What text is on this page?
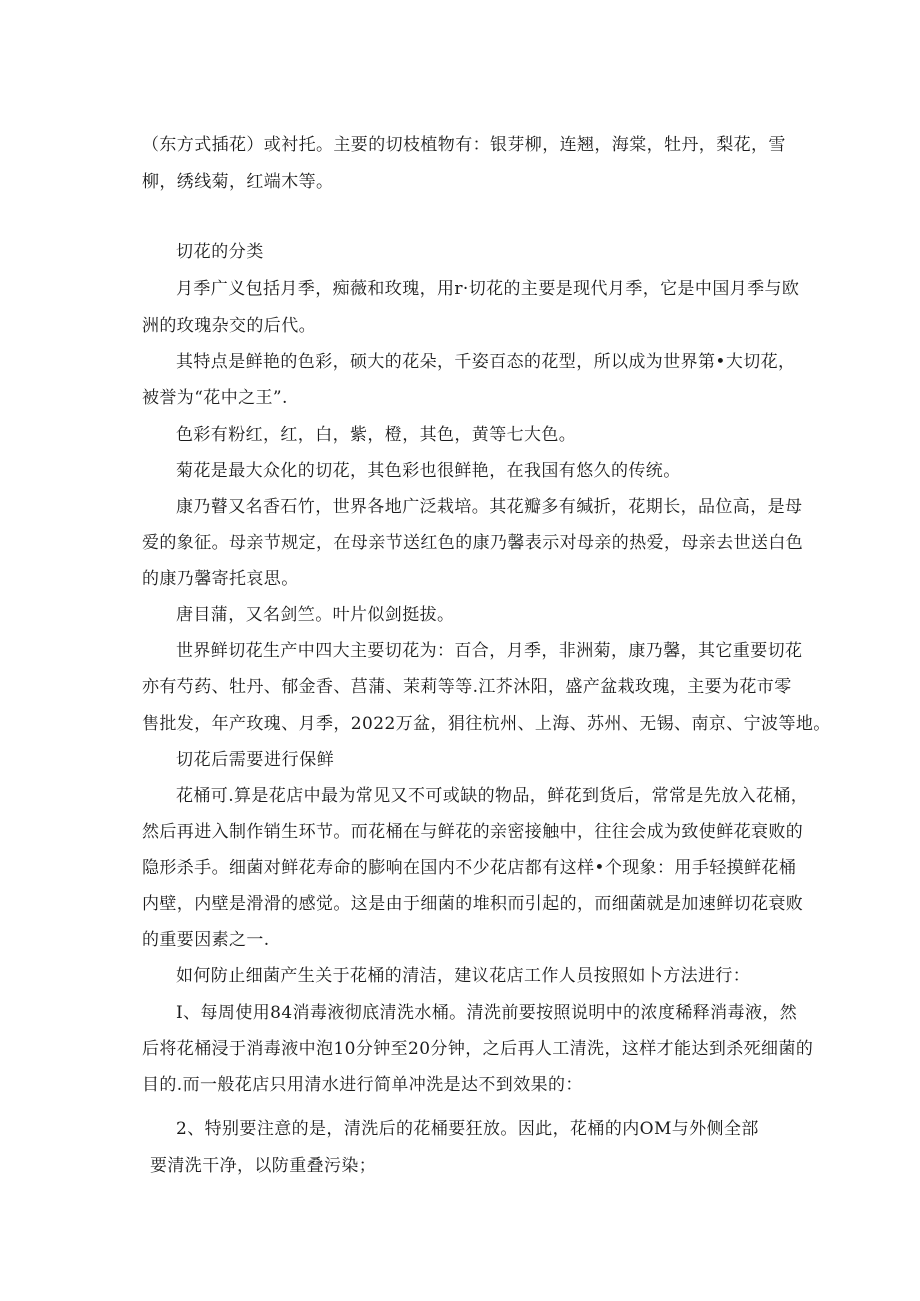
（东方式插花）或衬托。主要的切枝植物有：银芽柳，连翘，海棠，牡丹，梨花，雪
柳，绣线菊，红端木等。
切花的分类
月季广义包括月季，痴薇和玫瑰，用r·切花的主要是现代月季，它是中国月季与欧
洲的玫瑰杂交的后代。
其特点是鲜艳的色彩，硕大的花朵，千姿百态的花型，所以成为世界第•大切花，
被誉为“花中之王”.
色彩有粉红，红，白，紫，橙，其色，黄等七大色。
菊花是最大众化的切花，其色彩也很鲜艳，在我国有悠久的传统。
康乃瞽又名香石竹，世界各地广泛栽培。其花瓣多有缄折，花期长，品位高，是母
爱的象征。母亲节规定，在母亲节送红色的康乃馨表示对母亲的热爱，母亲去世送白色
的康乃馨寄托哀思。
唐目蒲，又名剑竺。叶片似剑挺拔。
世界鲜切花生产中四大主要切花为：百合，月季，非洲菊，康乃馨，其它重要切花
亦有芍药、牡丹、郁金香、莒蒲、茉莉等等.江芥沐阳，盛产盆栽玫瑰，主要为花市零
售批发，年产玫瑰、月季，2022万盆，狷往杭州、上海、苏州、无锡、南京、宁波等地。
切花后需要进行保鲜
花桶可.算是花店中最为常见又不可或缺的物品，鲜花到货后，常常是先放入花桶，
然后再进入制作销生环节。而花桶在与鲜花的亲密接触中，往往会成为致使鲜花衰败的
隐形杀手。细菌对鲜花寿命的膨响在国内不少花店都有这样•个现象：用手轻摸鲜花桶
内壁，内壁是滑滑的感觉。这是由于细菌的堆积而引起的，而细菌就是加速鲜切花衰败
的重要因素之一.
如何防止细菌产生关于花桶的清洁，建议花店工作人员按照如卜方法进行：
I、每周使用84消毒液彻底清洗水桶。清洗前要按照说明中的浓度稀释消毒液，然
后将花桶浸于消毒液中泡10分钟至20分钟，之后再人工清洗，这样才能达到杀死细菌的
目的.而一般花店只用清水进行简单冲洗是达不到效果的：
2、特别要注意的是，清洗后的花桶要狂放。因此，花桶的内OM与外侧全部
要清洗干净，以防重叠污染；
